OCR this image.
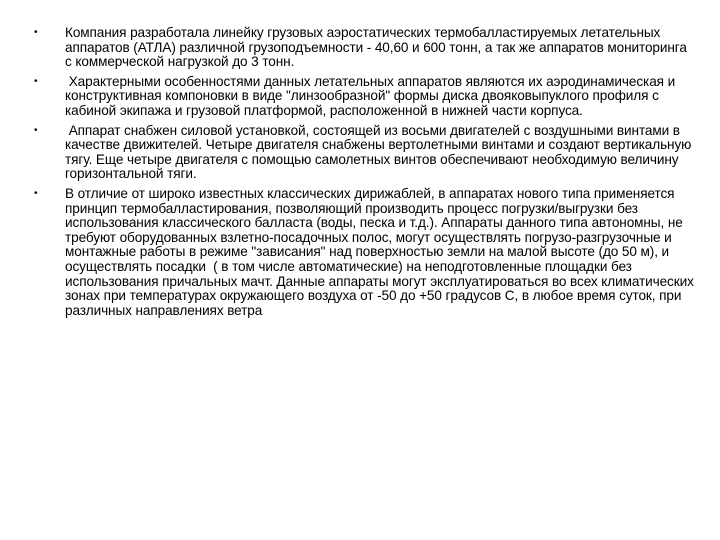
•	Компания разработала линейку грузовых аэростатических термобалластируемых летательных аппаратов (АТЛА) различной грузоподъемности - 40,60 и 600 тонн, а так же аппаратов мониторинга с коммерческой нагрузкой до 3 тонн.
•	Характерными особенностями данных летательных аппаратов являются их аэродинамическая и конструктивная компоновки в виде "линзообразной" формы диска двояковыпуклого профиля с кабиной экипажа и грузовой платформой, расположенной в нижней части корпуса.
•	Аппарат снабжен силовой установкой, состоящей из восьми двигателей с воздушными винтами в качестве движителей. Четыре двигателя снабжены вертолетными винтами и создают вертикальную тягу. Еще четыре двигателя с помощью самолетных винтов обеспечивают необходимую величину горизонтальной тяги.
•	В отличие от широко известных классических дирижаблей, в аппаратах нового типа применяется принцип термобалластирования, позволяющий производить процесс погрузки/выгрузки без использования классического балласта (воды, песка и т.д.). Аппараты данного типа автономны, не требуют оборудованных взлетно-посадочных полос, могут осуществлять погрузо-разгрузочные и монтажные работы в режиме "зависания" над поверхностью земли на малой высоте (до 50 м), и осуществлять посадки  ( в том числе автоматические) на неподготовленные площадки без использования причальных мачт. Данные аппараты могут эксплуатироваться во всех климатических зонах при температурах окружающего воздуха от -50 до +50 градусов С, в любое время суток, при различных направлениях ветра
